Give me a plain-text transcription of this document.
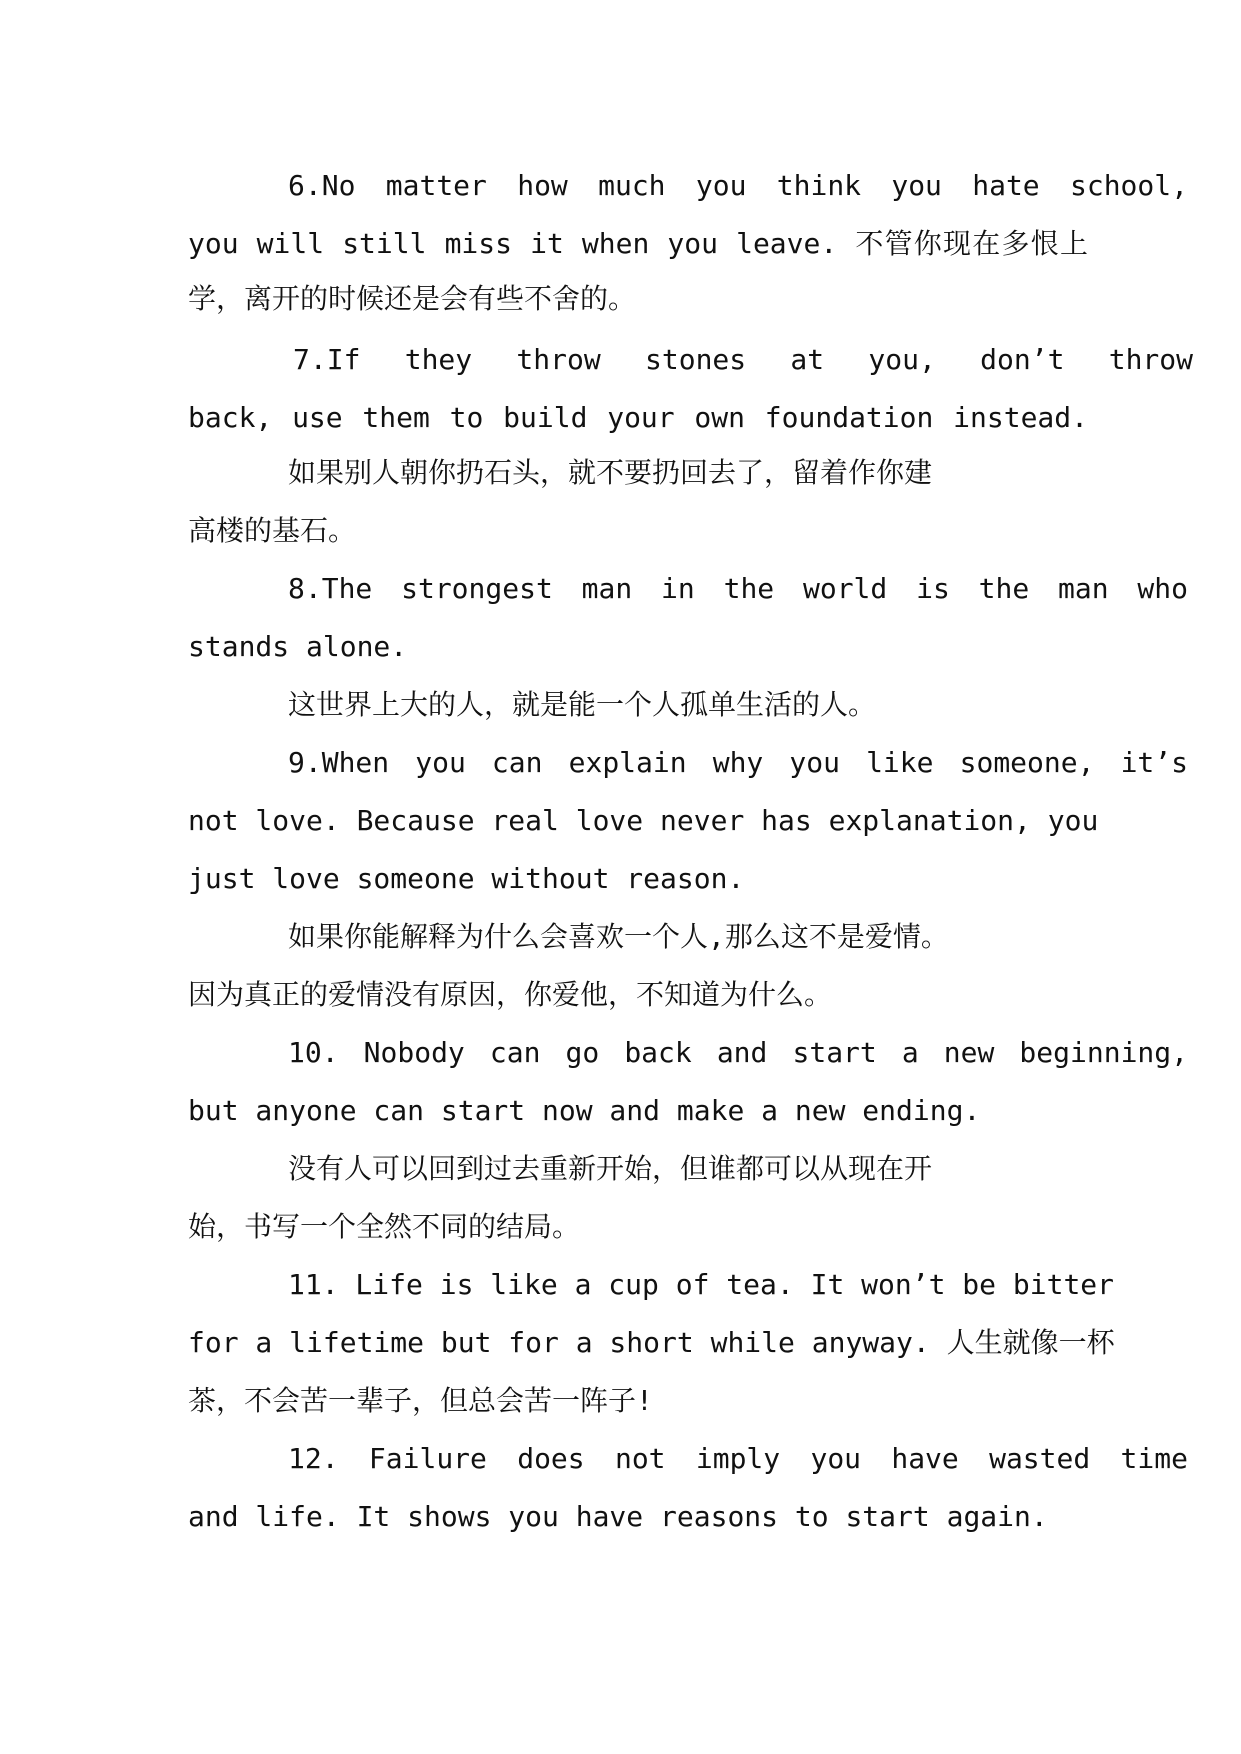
6.No matter how much you think you hate school,
you will still miss it when you leave. 不管你现在多恨上
学，离开的时候还是会有些不舍的。
7.If they throw stones at you, don’t throw
back, use them to build your own foundation instead.
如果别人朝你扔石头，就不要扔回去了，留着作你建
高楼的基石。
8.The strongest man in the world is the man who
stands alone.
这世界上大的人，就是能一个人孤单生活的人。
9.When you can explain why you like someone, it’s
not love. Because real love never has explanation, you
just love someone without reason.
如果你能解释为什么会喜欢一个人,那么这不是爱情。
因为真正的爱情没有原因，你爱他，不知道为什么。
10. Nobody can go back and start a new beginning,
but anyone can start now and make a new ending.
没有人可以回到过去重新开始，但谁都可以从现在开
始，书写一个全然不同的结局。
11. Life is like a cup of tea. It won’t be bitter
for a lifetime but for a short while anyway. 人生就像一杯
茶，不会苦一辈子，但总会苦一阵子!
12. Failure does not imply you have wasted time
and life. It shows you have reasons to start again.
